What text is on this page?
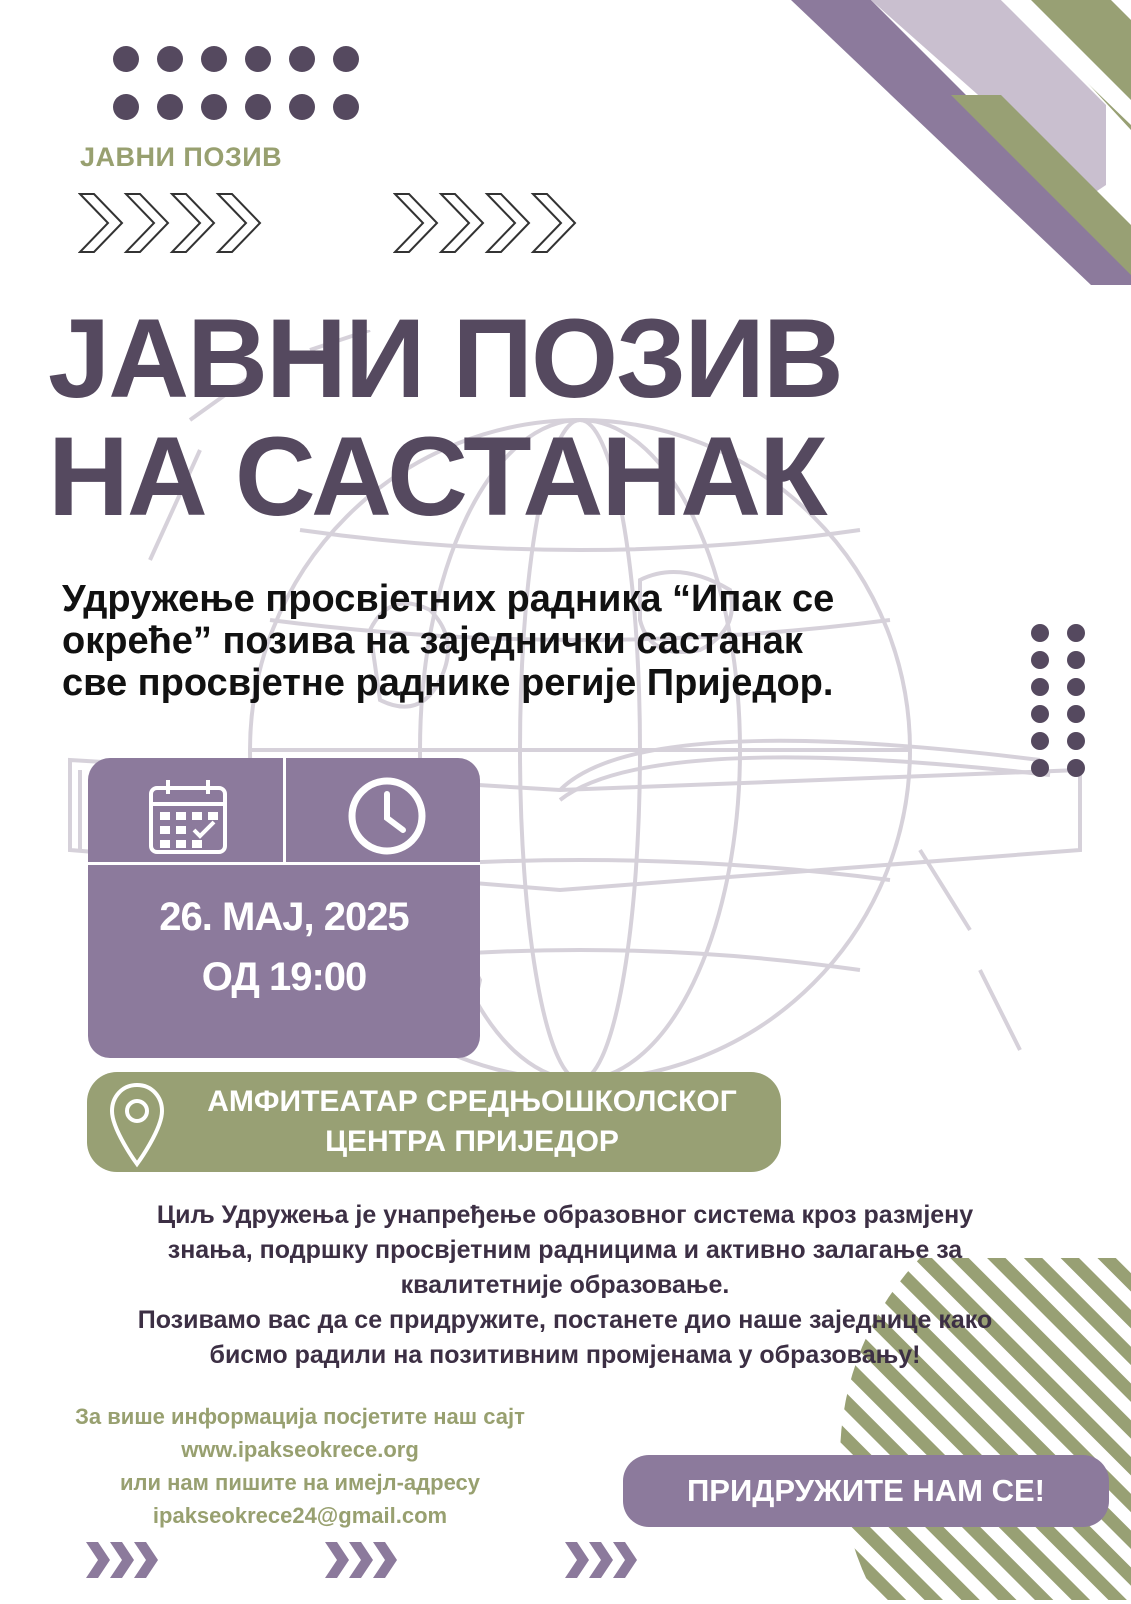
ЈАВНИ ПОЗИВ
ЈАВНИ ПОЗИВ
НА САСТАНАК
Удружење просвјетних радника “Ипак се
окреће” позива на заједнички састанак
све просвјетне раднике регије Приједор.
26. МАЈ, 2025
ОД 19:00
АМФИТЕАТАР СРЕДЊОШКОЛСКОГ
ЦЕНТРА ПРИЈЕДОР
Циљ Удружења је унапређење образовног система кроз размјену
знања, подршку просвјетним радницима и активно залагање за
квалитетније образовање.
Позивамо вас да се придружите, постанете дио наше заједнице како
бисмо радили на позитивним промјенама у образовању!
За више информација посјетите наш сајт
www.ipakseokrece.org
или нам пишите на имејл-адресу
ipakseokrece24@gmail.com
ПРИДРУЖИТЕ НАМ СЕ!
